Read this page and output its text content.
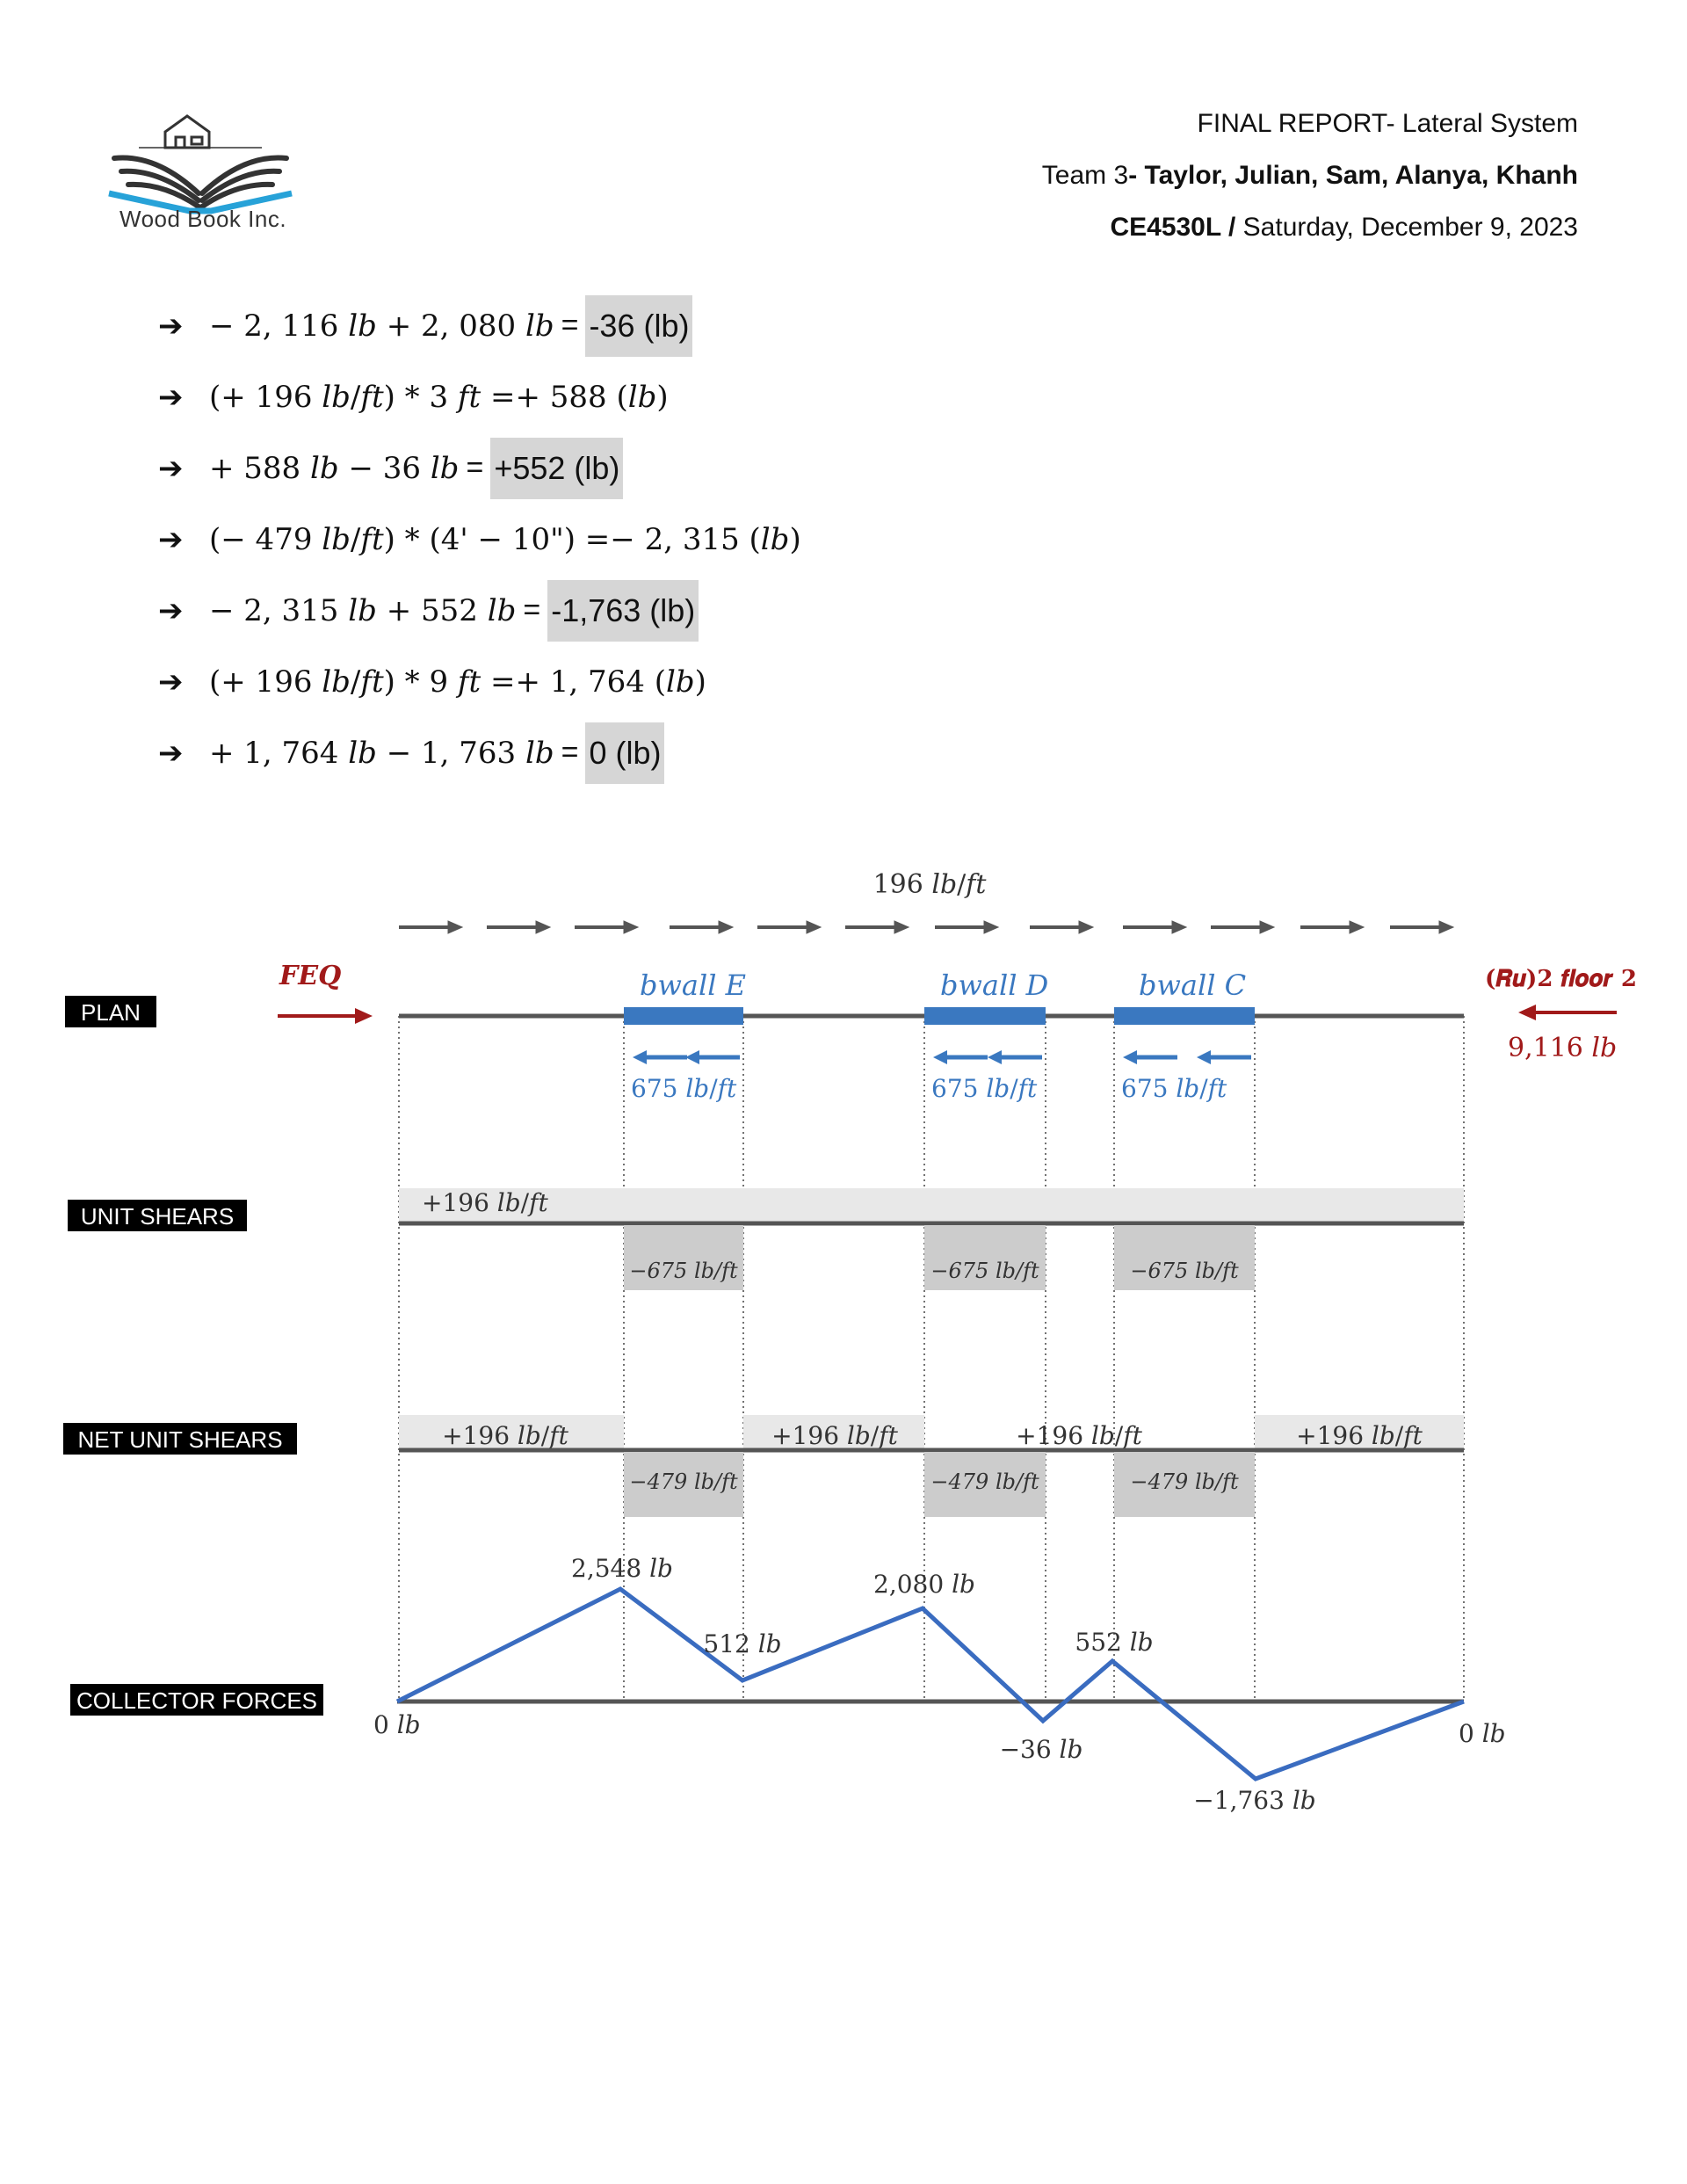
Wood Book Inc.
FINAL REPORT- Lateral System
Team 3- Taylor, Julian, Sam, Alanya, Khanh
CE4530L / Saturday, December 9, 2023
➔ − 2, 116 𝑙𝑏 + 2, 080 𝑙𝑏 = -36 (lb)
➔ (+ 196 𝑙𝑏/𝑓𝑡) * 3 𝑓𝑡 =+ 588 (𝑙𝑏)
➔ + 588 𝑙𝑏 − 36 𝑙𝑏 = +552 (lb)
➔ (− 479 𝑙𝑏/𝑓𝑡) * (4' − 10") =− 2, 315 (𝑙𝑏)
➔ − 2, 315 𝑙𝑏 + 552 𝑙𝑏 = -1,763 (lb)
➔ (+ 196 𝑙𝑏/𝑓𝑡) * 9 𝑓𝑡 =+ 1, 764 (𝑙𝑏)
➔ + 1, 764 𝑙𝑏 − 1, 763 𝑙𝑏 = 0 (lb)
196 𝑙𝑏/𝑓𝑡
𝑭𝑬𝑸	(𝑹𝒖)𝟐 𝒇𝒍𝒐𝒐𝒓 𝟐
9,116 𝑙𝑏
PLAN
UNIT SHEARS
NET UNIT SHEARS
COLLECTOR FORCES
𝑏wall E
675 𝑙𝑏/𝑓𝑡
𝑏wall D
675 𝑙𝑏/𝑓𝑡
𝑏wall C
675 𝑙𝑏/𝑓𝑡
+196 𝑙𝑏/𝑓𝑡
−675 𝑙𝑏/𝑓𝑡	−675 𝑙𝑏/𝑓𝑡	−675 𝑙𝑏/𝑓𝑡
+196 𝑙𝑏/𝑓𝑡	+196 𝑙𝑏/𝑓𝑡	+196 𝑙𝑏/𝑓𝑡	+196 𝑙𝑏/𝑓𝑡
−479 𝑙𝑏/𝑓𝑡	−479 𝑙𝑏/𝑓𝑡	−479 𝑙𝑏/𝑓𝑡
0 𝑙𝑏
2,548 𝑙𝑏
512 𝑙𝑏
2,080 𝑙𝑏
−36 𝑙𝑏
552 𝑙𝑏
−1,763 𝑙𝑏
0 𝑙𝑏
